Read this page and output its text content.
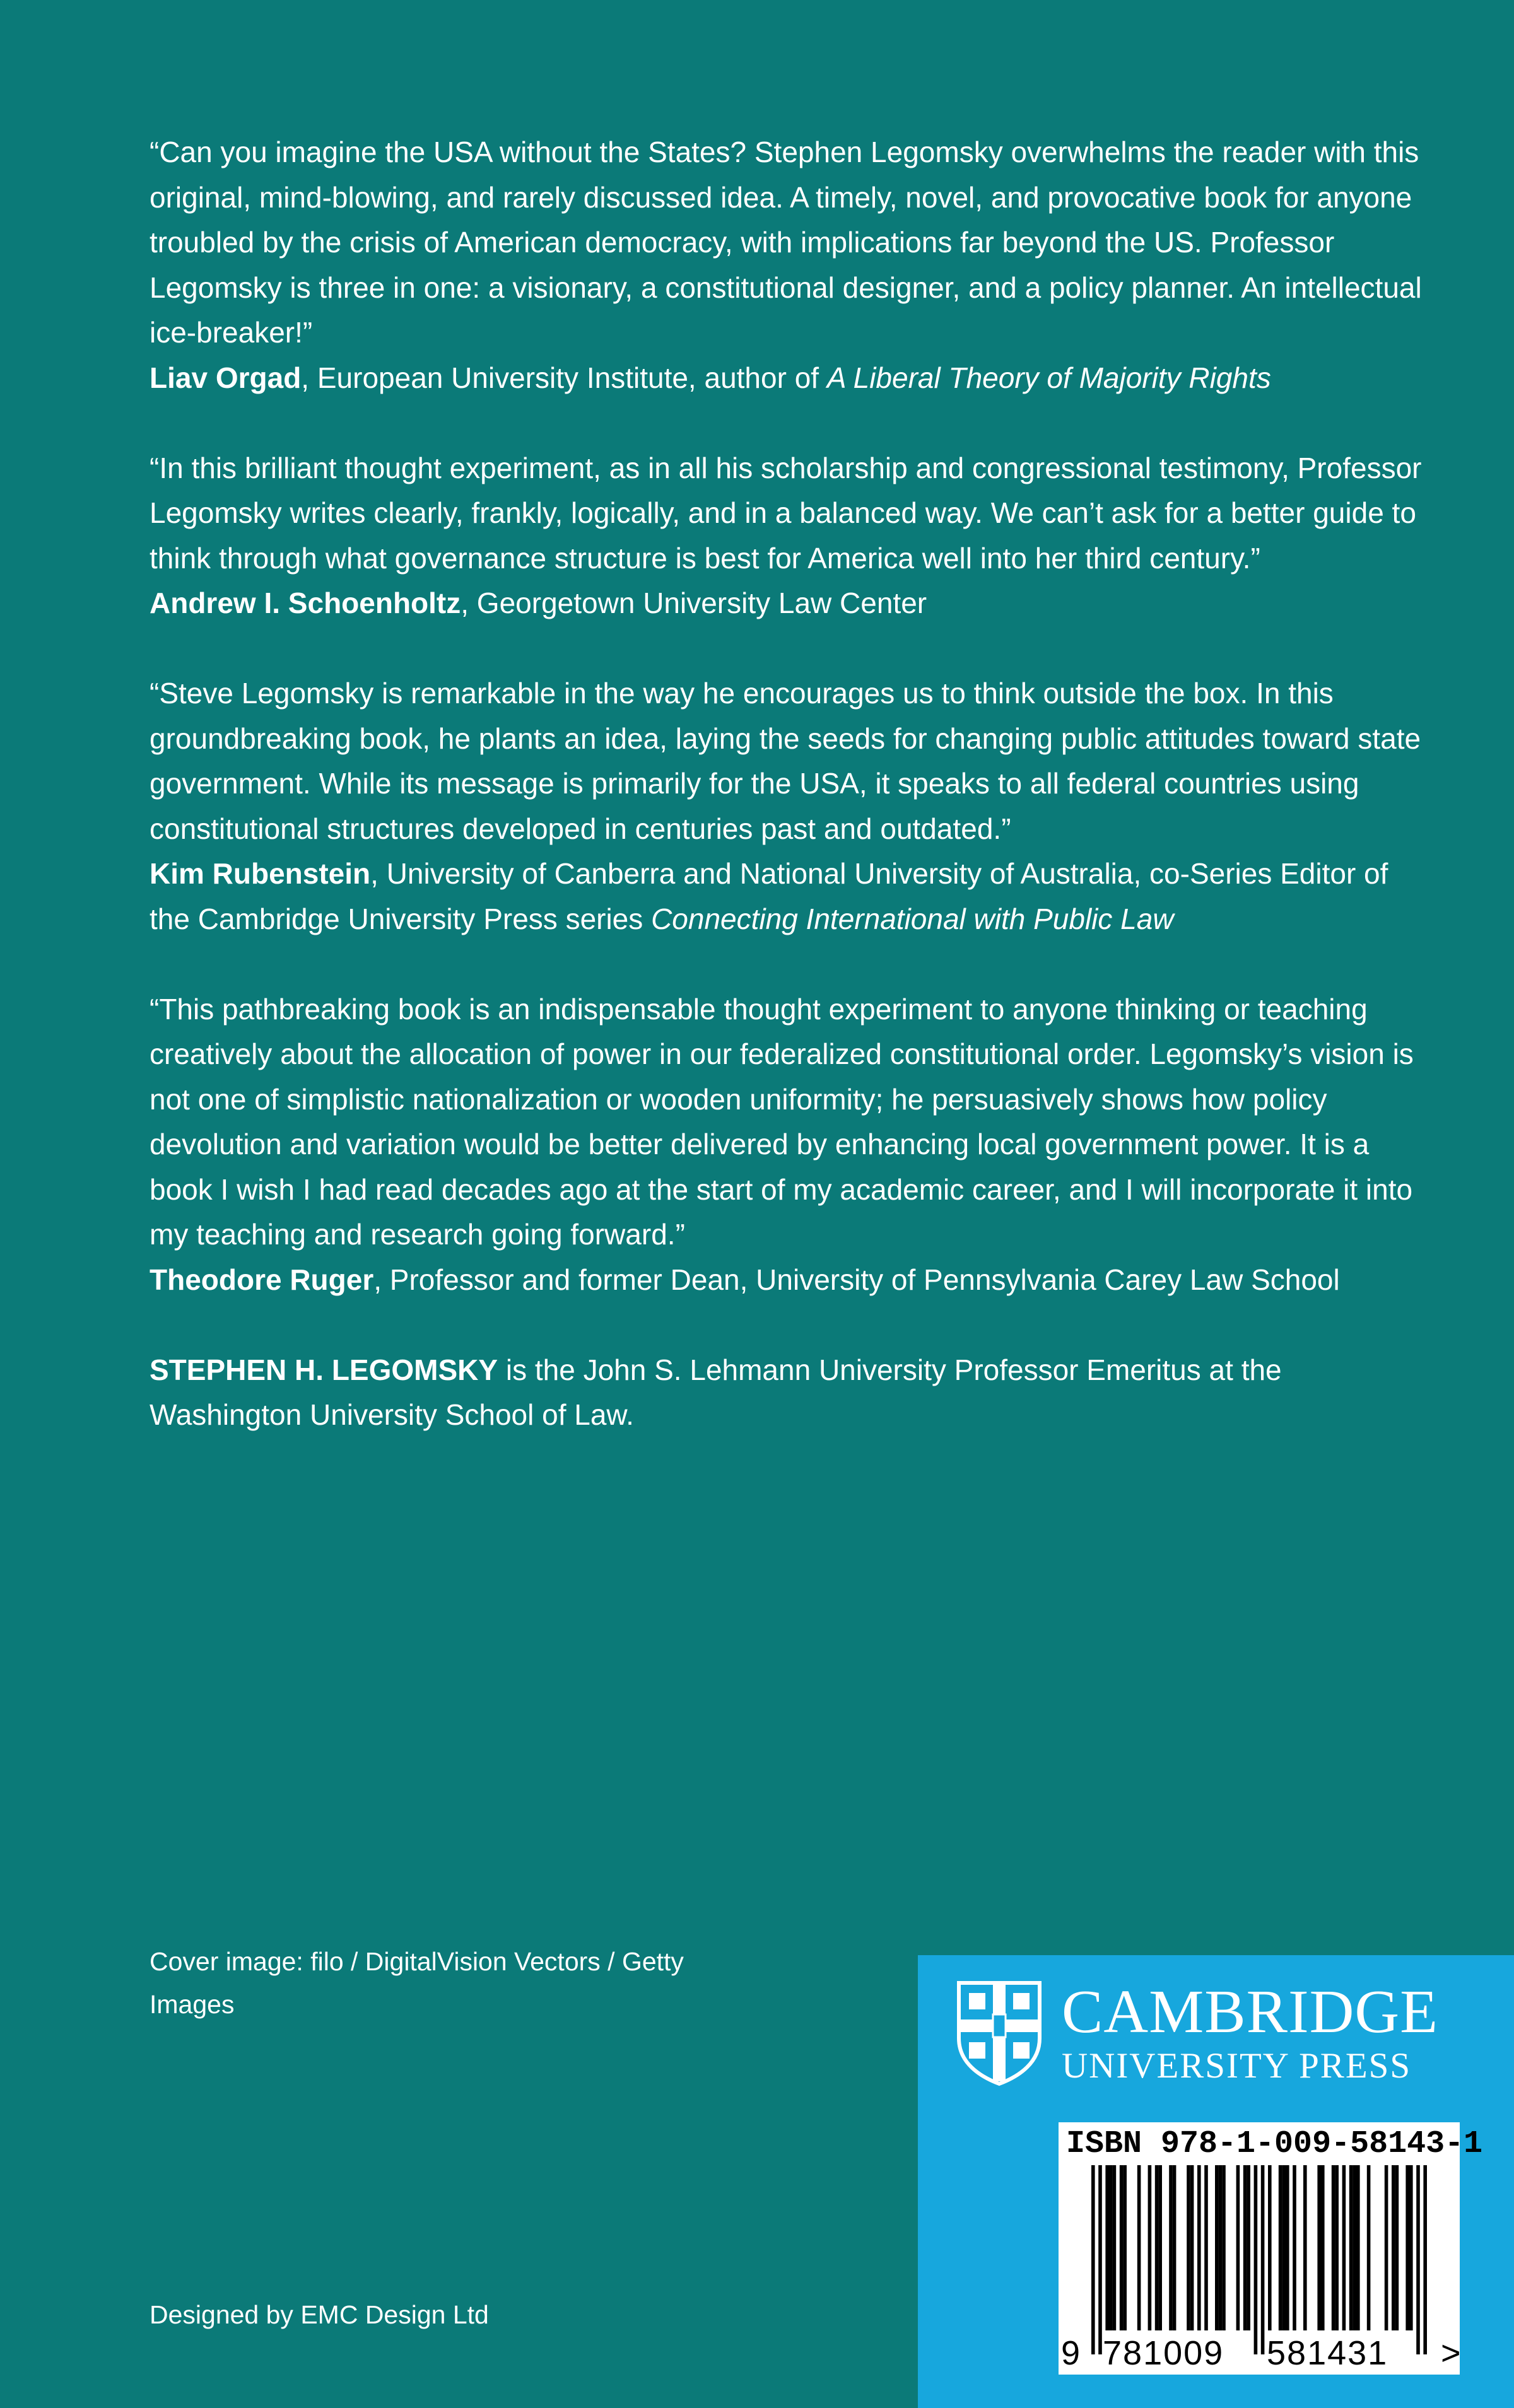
“Can you imagine the USA without the States? Stephen Legomsky overwhelms the reader with this original, mind-blowing, and rarely discussed idea. A timely, novel, and provocative book for anyone troubled by the crisis of American democracy, with implications far beyond the US. Professor Legomsky is three in one: a visionary, a constitutional designer, and a policy planner. An intellectual ice-breaker!”

Liav Orgad, European University Institute, author of A Liberal Theory of Majority Rights

“In this brilliant thought experiment, as in all his scholarship and congressional testimony, Professor Legomsky writes clearly, frankly, logically, and in a balanced way. We can’t ask for a better guide to think through what governance structure is best for America well into her third century.”

Andrew I. Schoenholtz, Georgetown University Law Center

“Steve Legomsky is remarkable in the way he encourages us to think outside the box. In this groundbreaking book, he plants an idea, laying the seeds for changing public attitudes toward state government. While its message is primarily for the USA, it speaks to all federal countries using constitutional structures developed in centuries past and outdated.”

Kim Rubenstein, University of Canberra and National University of Australia, co-Series Editor of the Cambridge University Press series Connecting International with Public Law

“This pathbreaking book is an indispensable thought experiment to anyone thinking or teaching creatively about the allocation of power in our federalized constitutional order. Legomsky’s vision is not one of simplistic nationalization or wooden uniformity; he persuasively shows how policy devolution and variation would be better delivered by enhancing local government power. It is a book I wish I had read decades ago at the start of my academic career, and I will incorporate it into my teaching and research going forward.”

Theodore Ruger, Professor and former Dean, University of Pennsylvania Carey Law School

STEPHEN H. LEGOMSKY is the John S. Lehmann University Professor Emeritus at the Washington University School of Law.

Cover image: filo / DigitalVision Vectors / Getty Images
Designed by EMC Design Ltd
CAMBRIDGE
UNIVERSITY PRESS
ISBN 978-1-009-58143-1
9 781009 581431 >
